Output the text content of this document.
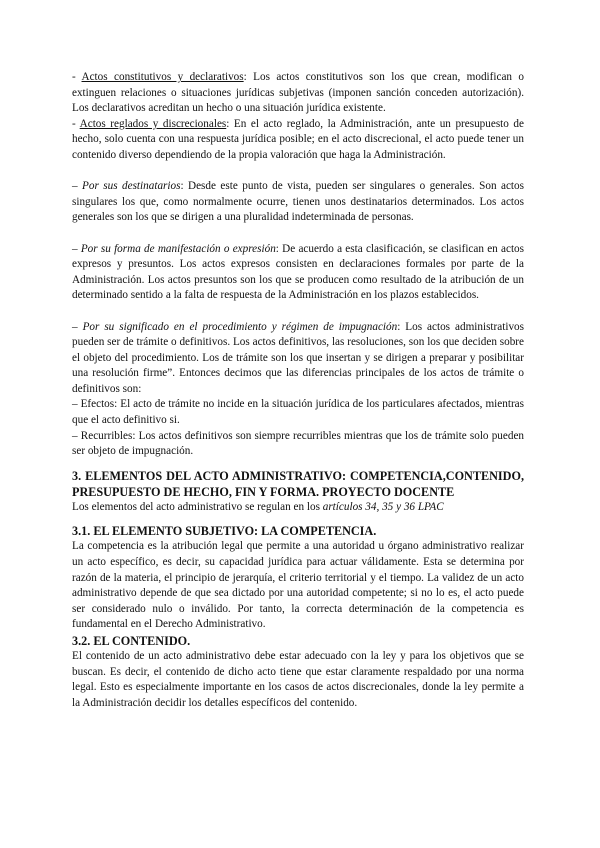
- Actos constitutivos y declarativos: Los actos constitutivos son los que crean, modifican o extinguen relaciones o situaciones jurídicas subjetivas (imponen sanción conceden autorización). Los declarativos acreditan un hecho o una situación jurídica existente.

- Actos reglados y discrecionales: En el acto reglado, la Administración, ante un presupuesto de hecho, solo cuenta con una respuesta jurídica posible; en el acto discrecional, el acto puede tener un contenido diverso dependiendo de la propia valoración que haga la Administración.

– Por sus destinatarios: Desde este punto de vista, pueden ser singulares o generales. Son actos singulares los que, como normalmente ocurre, tienen unos destinatarios determinados. Los actos generales son los que se dirigen a una pluralidad indeterminada de personas.

– Por su forma de manifestación o expresión: De acuerdo a esta clasificación, se clasifican en actos expresos y presuntos. Los actos expresos consisten en declaraciones formales por parte de la Administración. Los actos presuntos son los que se producen como resultado de la atribución de un determinado sentido a la falta de respuesta de la Administración en los plazos establecidos.

– Por su significado en el procedimiento y régimen de impugnación: Los actos administrativos pueden ser de trámite o definitivos. Los actos definitivos, las resoluciones, son los que deciden sobre el objeto del procedimiento. Los de trámite son los que insertan y se dirigen a preparar y posibilitar una resolución firme”. Entonces decimos que las diferencias principales de los actos de trámite o definitivos son:

– Efectos: El acto de trámite no incide en la situación jurídica de los particulares afectados, mientras que el acto definitivo si.

– Recurribles: Los actos definitivos son siempre recurribles mientras que los de trámite solo pueden ser objeto de impugnación.

3. ELEMENTOS DEL ACTO ADMINISTRATIVO: COMPETENCIA,CONTENIDO, PRESUPUESTO DE HECHO, FIN Y FORMA. PROYECTO DOCENTE

Los elementos del acto administrativo se regulan en los artículos 34, 35 y 36 LPAC

3.1. EL ELEMENTO SUBJETIVO: LA COMPETENCIA.

La competencia es la atribución legal que permite a una autoridad u órgano administrativo realizar un acto específico, es decir, su capacidad jurídica para actuar válidamente. Esta se determina por razón de la materia, el principio de jerarquía, el criterio territorial y el tiempo. La validez de un acto administrativo depende de que sea dictado por una autoridad competente; si no lo es, el acto puede ser considerado nulo o inválido. Por tanto, la correcta determinación de la competencia es fundamental en el Derecho Administrativo.

3.2. EL CONTENIDO.

El contenido de un acto administrativo debe estar adecuado con la ley y para los objetivos que se buscan. Es decir, el contenido de dicho acto tiene que estar claramente respaldado por una norma legal. Esto es especialmente importante en los casos de actos discrecionales, donde la ley permite a la Administración decidir los detalles específicos del contenido.
